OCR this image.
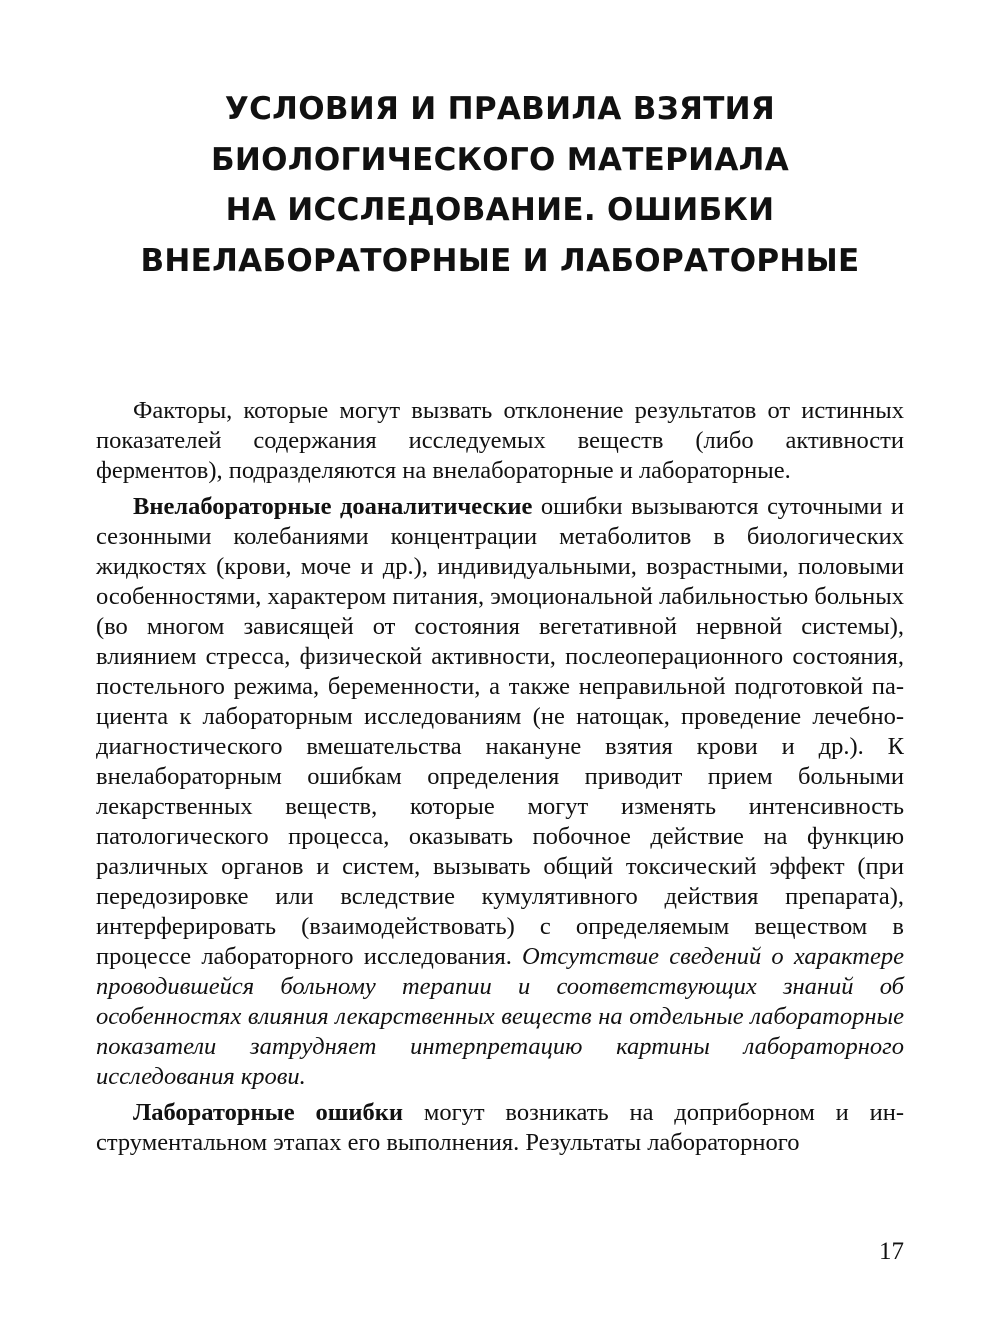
УСЛОВИЯ И ПРАВИЛА ВЗЯТИЯ
БИОЛОГИЧЕСКОГО МАТЕРИАЛА
НА ИССЛЕДОВАНИЕ. ОШИБКИ
ВНЕЛАБОРАТОРНЫЕ И ЛАБОРАТОРНЫЕ

Факторы, которые могут вызвать отклонение результатов от истинных показателей содержания исследуемых веществ (либо активности ферментов), подразделяются на внелабораторные и лабораторные.

Внелабораторные доаналитические ошибки вызываются суточными и сезонными колебаниями концентрации метаболитов в биологических жидкостях (крови, моче и др.), индивидуальными, возрастными, половыми особенностями, характером питания, эмоциональной лабильностью больных (во многом зависящей от состояния вегетативной нервной системы), влиянием стресса, физической активности, послеоперационного состояния, постельного режима, беременности, а также неправильной подготовкой пациента к лабораторным исследованиям (не натощак, проведение лечебно-диагностического вмешательства накануне взятия крови и др.). К внелабораторным ошибкам определения приводит прием больными лекарственных веществ, которые могут изменять интенсивность патологического процесса, оказывать побочное действие на функцию различных органов и систем, вызывать общий токсический эффект (при передозировке или вследствие кумулятивного действия препарата), интерферировать (взаимодействовать) с определяемым веществом в процессе лабораторного исследования. Отсутствие сведений о характере проводившейся больному терапии и соответствующих знаний об особенностях влияния лекарственных веществ на отдельные лабораторные показатели затрудняет интерпретацию картины лабораторного исследования крови.

Лабораторные ошибки могут возникать на доприборном и инструментальном этапах его выполнения. Результаты лабораторного

17
